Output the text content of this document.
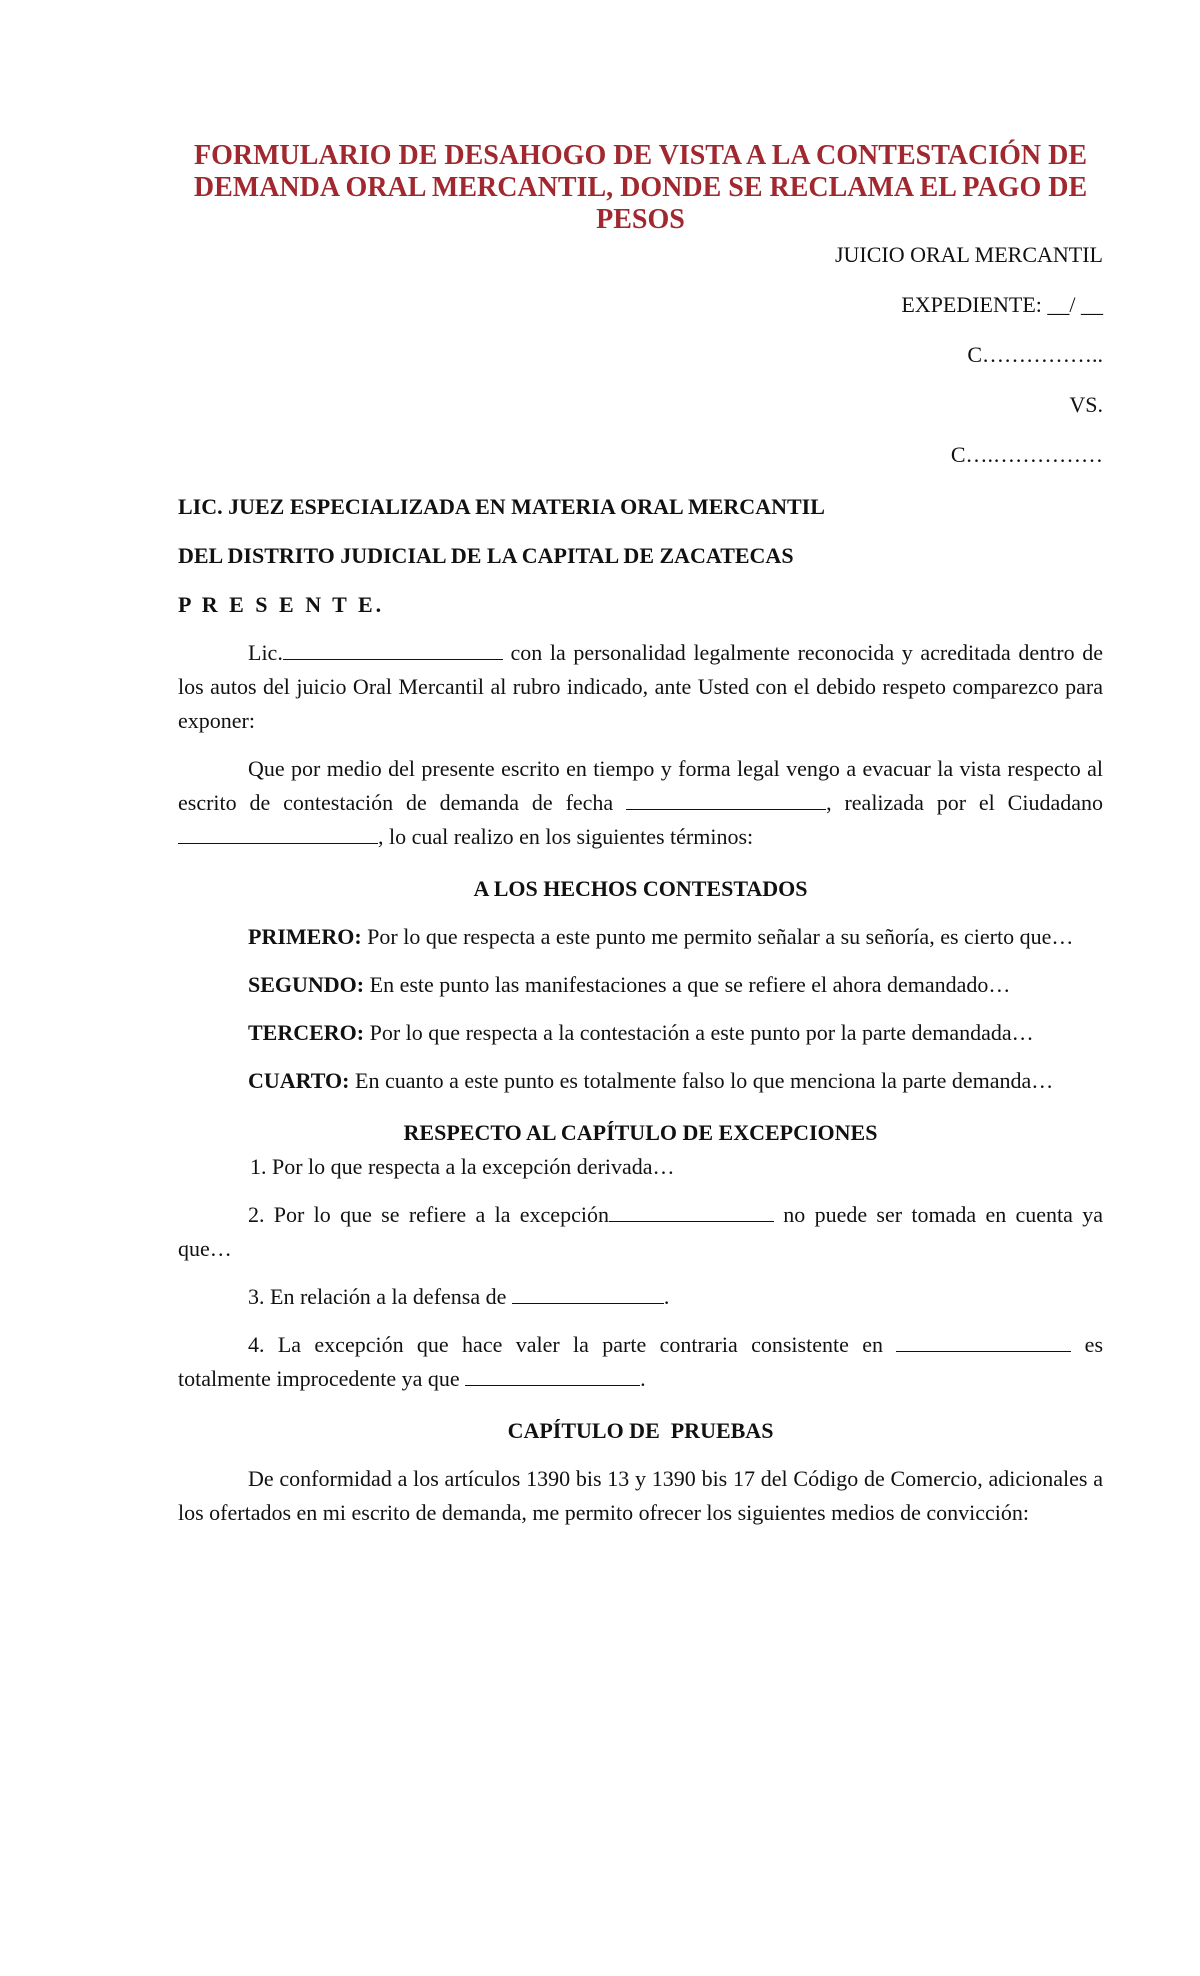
FORMULARIO DE DESAHOGO DE VISTA A LA CONTESTACIÓN DE DEMANDA ORAL MERCANTIL, DONDE SE RECLAMA EL PAGO DE PESOS

JUICIO ORAL MERCANTIL

EXPEDIENTE: __/ __

C……………..

VS.

C….……………

LIC. JUEZ ESPECIALIZADA EN MATERIA ORAL MERCANTIL

DEL DISTRITO JUDICIAL DE LA CAPITAL DE ZACATECAS

P R E S E N T E.

Lic.	con la personalidad legalmente reconocida y acreditada dentro de los autos del juicio Oral Mercantil al rubro indicado, ante Usted con el debido respeto comparezco para exponer:

Que por medio del presente escrito en tiempo y forma legal vengo a evacuar la vista respecto al escrito de contestación de demanda de fecha	, realizada por el Ciudadano, lo cual realizo en los siguientes términos:

A LOS HECHOS CONTESTADOS

PRIMERO: Por lo que respecta a este punto me permito señalar a su señoría, es cierto que…

SEGUNDO: En este punto las manifestaciones a que se refiere el ahora demandado…

TERCERO: Por lo que respecta a la contestación a este punto por la parte demandada…

CUARTO: En cuanto a este punto es totalmente falso lo que menciona la parte demanda…

RESPECTO AL CAPÍTULO DE EXCEPCIONES

1. Por lo que respecta a la excepción derivada…

2. Por lo que se refiere a la excepción	no puede ser tomada en cuenta ya que…

3. En relación a la defensa de	.

4. La excepción que hace valer la parte contraria consistente en	es totalmente improcedente ya que	.

CAPÍTULO DE  PRUEBAS

De conformidad a los artículos 1390 bis 13 y 1390 bis 17 del Código de Comercio, adicionales a los ofertados en mi escrito de demanda, me permito ofrecer los siguientes medios de convicción:
